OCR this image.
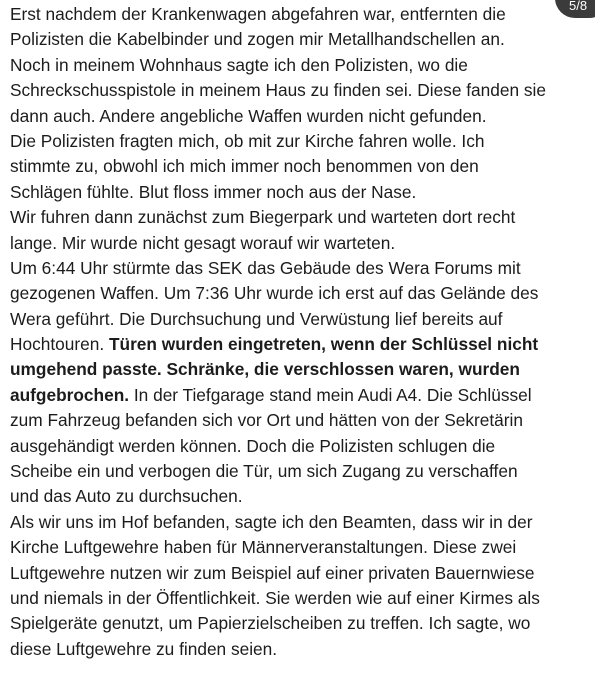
5/8
Erst nachdem der Krankenwagen abgefahren war, entfernten die
Polizisten die Kabelbinder und zogen mir Metallhandschellen an.
Noch in meinem Wohnhaus sagte ich den Polizisten, wo die
Schreckschusspistole in meinem Haus zu finden sei. Diese fanden sie
dann auch. Andere angebliche Waffen wurden nicht gefunden.
Die Polizisten fragten mich, ob mit zur Kirche fahren wolle. Ich
stimmte zu, obwohl ich mich immer noch benommen von den
Schlägen fühlte. Blut floss immer noch aus der Nase.
Wir fuhren dann zunächst zum Biegerpark und warteten dort recht
lange. Mir wurde nicht gesagt worauf wir warteten.
Um 6:44 Uhr stürmte das SEK das Gebäude des Wera Forums mit
gezogenen Waffen. Um 7:36 Uhr wurde ich erst auf das Gelände des
Wera geführt. Die Durchsuchung und Verwüstung lief bereits auf
Hochtouren. Türen wurden eingetreten, wenn der Schlüssel nicht
umgehend passte. Schränke, die verschlossen waren, wurden
aufgebrochen. In der Tiefgarage stand mein Audi A4. Die Schlüssel
zum Fahrzeug befanden sich vor Ort und hätten von der Sekretärin
ausgehändigt werden können. Doch die Polizisten schlugen die
Scheibe ein und verbogen die Tür, um sich Zugang zu verschaffen
und das Auto zu durchsuchen.
Als wir uns im Hof befanden, sagte ich den Beamten, dass wir in der
Kirche Luftgewehre haben für Männerveranstaltungen. Diese zwei
Luftgewehre nutzen wir zum Beispiel auf einer privaten Bauernwiese
und niemals in der Öffentlichkeit. Sie werden wie auf einer Kirmes als
Spielgeräte genutzt, um Papierzielscheiben zu treffen. Ich sagte, wo
diese Luftgewehre zu finden seien.
